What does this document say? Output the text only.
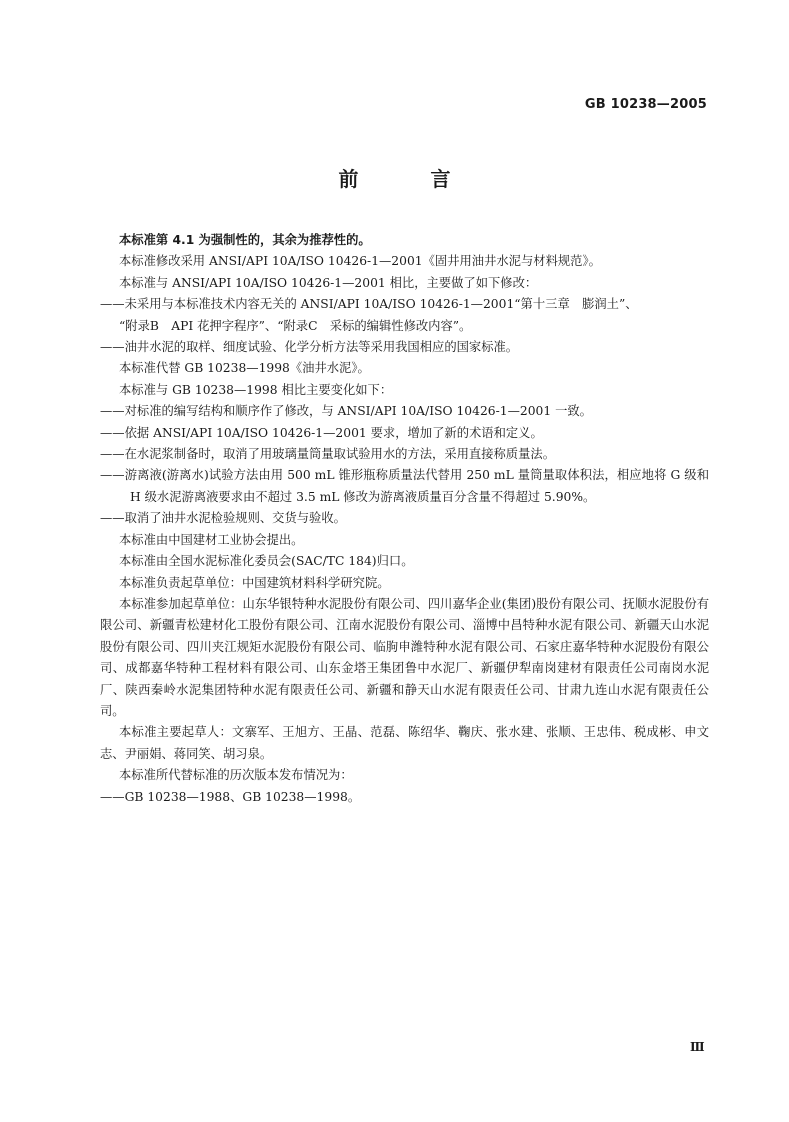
GB 10238—2005
前　言
本标准第 4.1 为强制性的，其余为推荐性的。
本标准修改采用 ANSI/API 10A/ISO 10426-1—2001《固井用油井水泥与材料规范》。
本标准与 ANSI/API 10A/ISO 10426-1—2001 相比，主要做了如下修改：
——未采用与本标准技术内容无关的 ANSI/API 10A/ISO 10426-1—2001“第十三章　膨润土”、
“附录B　API 花押字程序”、“附录C　采标的编辑性修改内容”。
——油井水泥的取样、细度试验、化学分析方法等采用我国相应的国家标准。
本标准代替 GB 10238—1998《油井水泥》。
本标准与 GB 10238—1998 相比主要变化如下：
——对标准的编写结构和顺序作了修改，与 ANSI/API 10A/ISO 10426-1—2001 一致。
——依据 ANSI/API 10A/ISO 10426-1—2001 要求，增加了新的术语和定义。
——在水泥浆制备时，取消了用玻璃量筒量取试验用水的方法，采用直接称质量法。
——游离液(游离水)试验方法由用 500 mL 锥形瓶称质量法代替用 250 mL 量筒量取体积法，相应地将 G 级和 H 级水泥游离液要求由不超过 3.5 mL 修改为游离液质量百分含量不得超过 5.90%。
——取消了油井水泥检验规则、交货与验收。
本标准由中国建材工业协会提出。
本标准由全国水泥标准化委员会(SAC/TC 184)归口。
本标准负责起草单位：中国建筑材料科学研究院。
本标准参加起草单位：山东华银特种水泥股份有限公司、四川嘉华企业(集团)股份有限公司、抚顺水泥股份有限公司、新疆青松建材化工股份有限公司、江南水泥股份有限公司、淄博中昌特种水泥有限公司、新疆天山水泥股份有限公司、四川夹江规矩水泥股份有限公司、临朐申潍特种水泥有限公司、石家庄嘉华特种水泥股份有限公司、成都嘉华特种工程材料有限公司、山东金塔王集团鲁中水泥厂、新疆伊犁南岗建材有限责任公司南岗水泥厂、陕西秦岭水泥集团特种水泥有限责任公司、新疆和静天山水泥有限责任公司、甘肃九连山水泥有限责任公司。
本标准主要起草人：文寨军、王旭方、王晶、范磊、陈绍华、鞠庆、张水建、张顺、王忠伟、税成彬、申文志、尹丽娟、蒋同笑、胡习泉。
本标准所代替标准的历次版本发布情况为：
——GB 10238—1988、GB 10238—1998。
Ⅲ
